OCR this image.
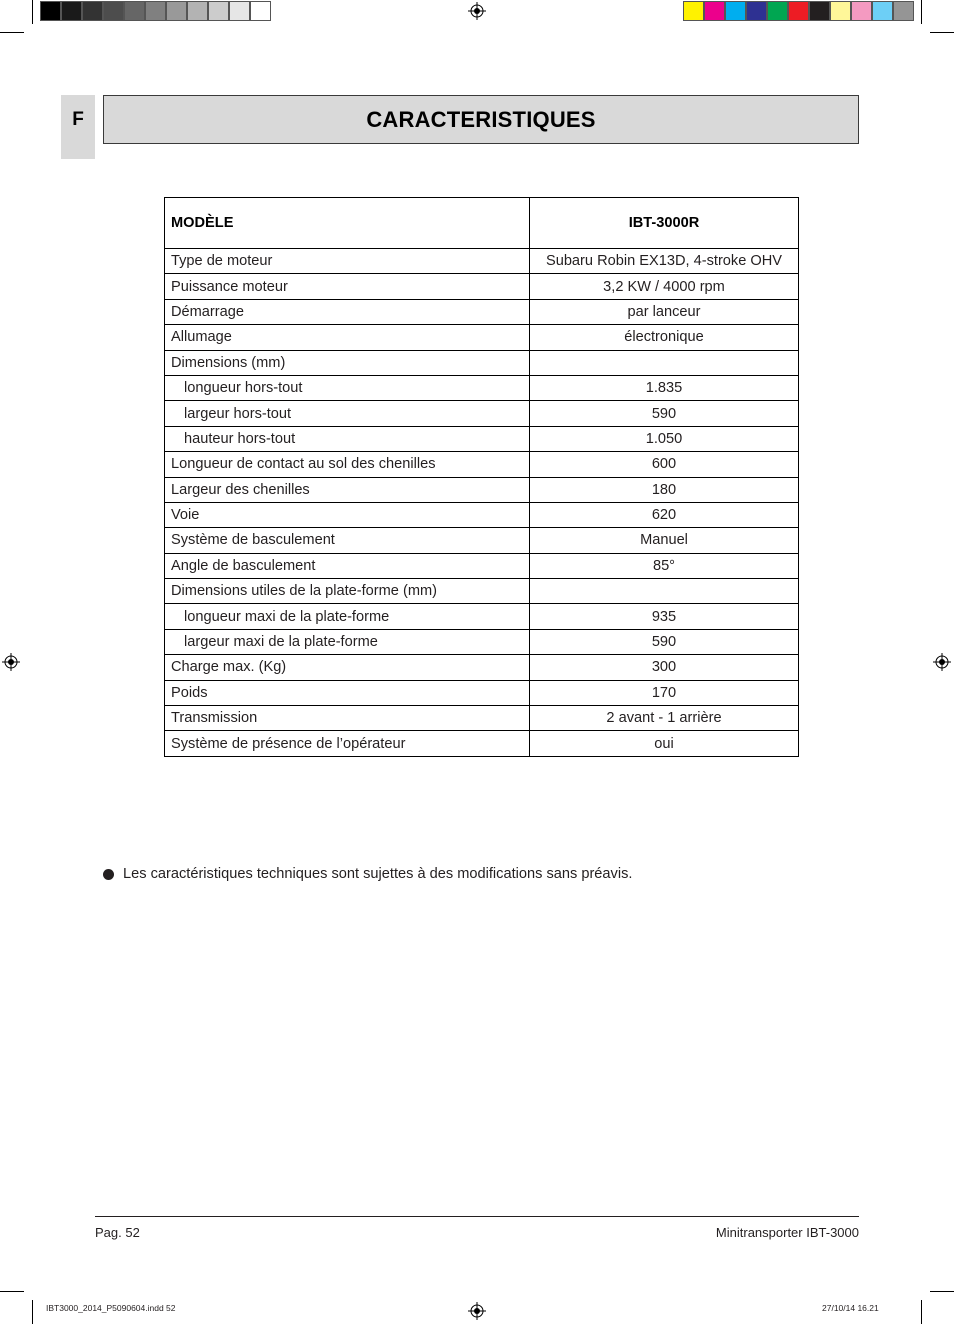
F	CARACTERISTIQUES
MODÈLE	IBT-3000R
Type de moteur	Subaru Robin EX13D, 4-stroke OHV
Puissance moteur	3,2 KW / 4000 rpm
Démarrage	par lanceur
Allumage	électronique
Dimensions (mm)	
longueur hors-tout	1.835
largeur hors-tout	590
hauteur hors-tout	1.050
Longueur de contact au sol des chenilles	600
Largeur des chenilles	180
Voie	620
Système de basculement	Manuel
Angle de basculement	85°
Dimensions utiles de la plate-forme (mm)	
longueur maxi de la plate-forme	935
largeur maxi de la plate-forme	590
Charge max. (Kg)	300
Poids	170
Transmission	2 avant - 1 arrière
Système de présence de l’opérateur	oui
Les caractéristiques techniques sont sujettes à des modifications sans préavis.
Pag. 52	Minitransporter IBT-3000
IBT3000_2014_P5090604.indd 52	27/10/14 16.21
